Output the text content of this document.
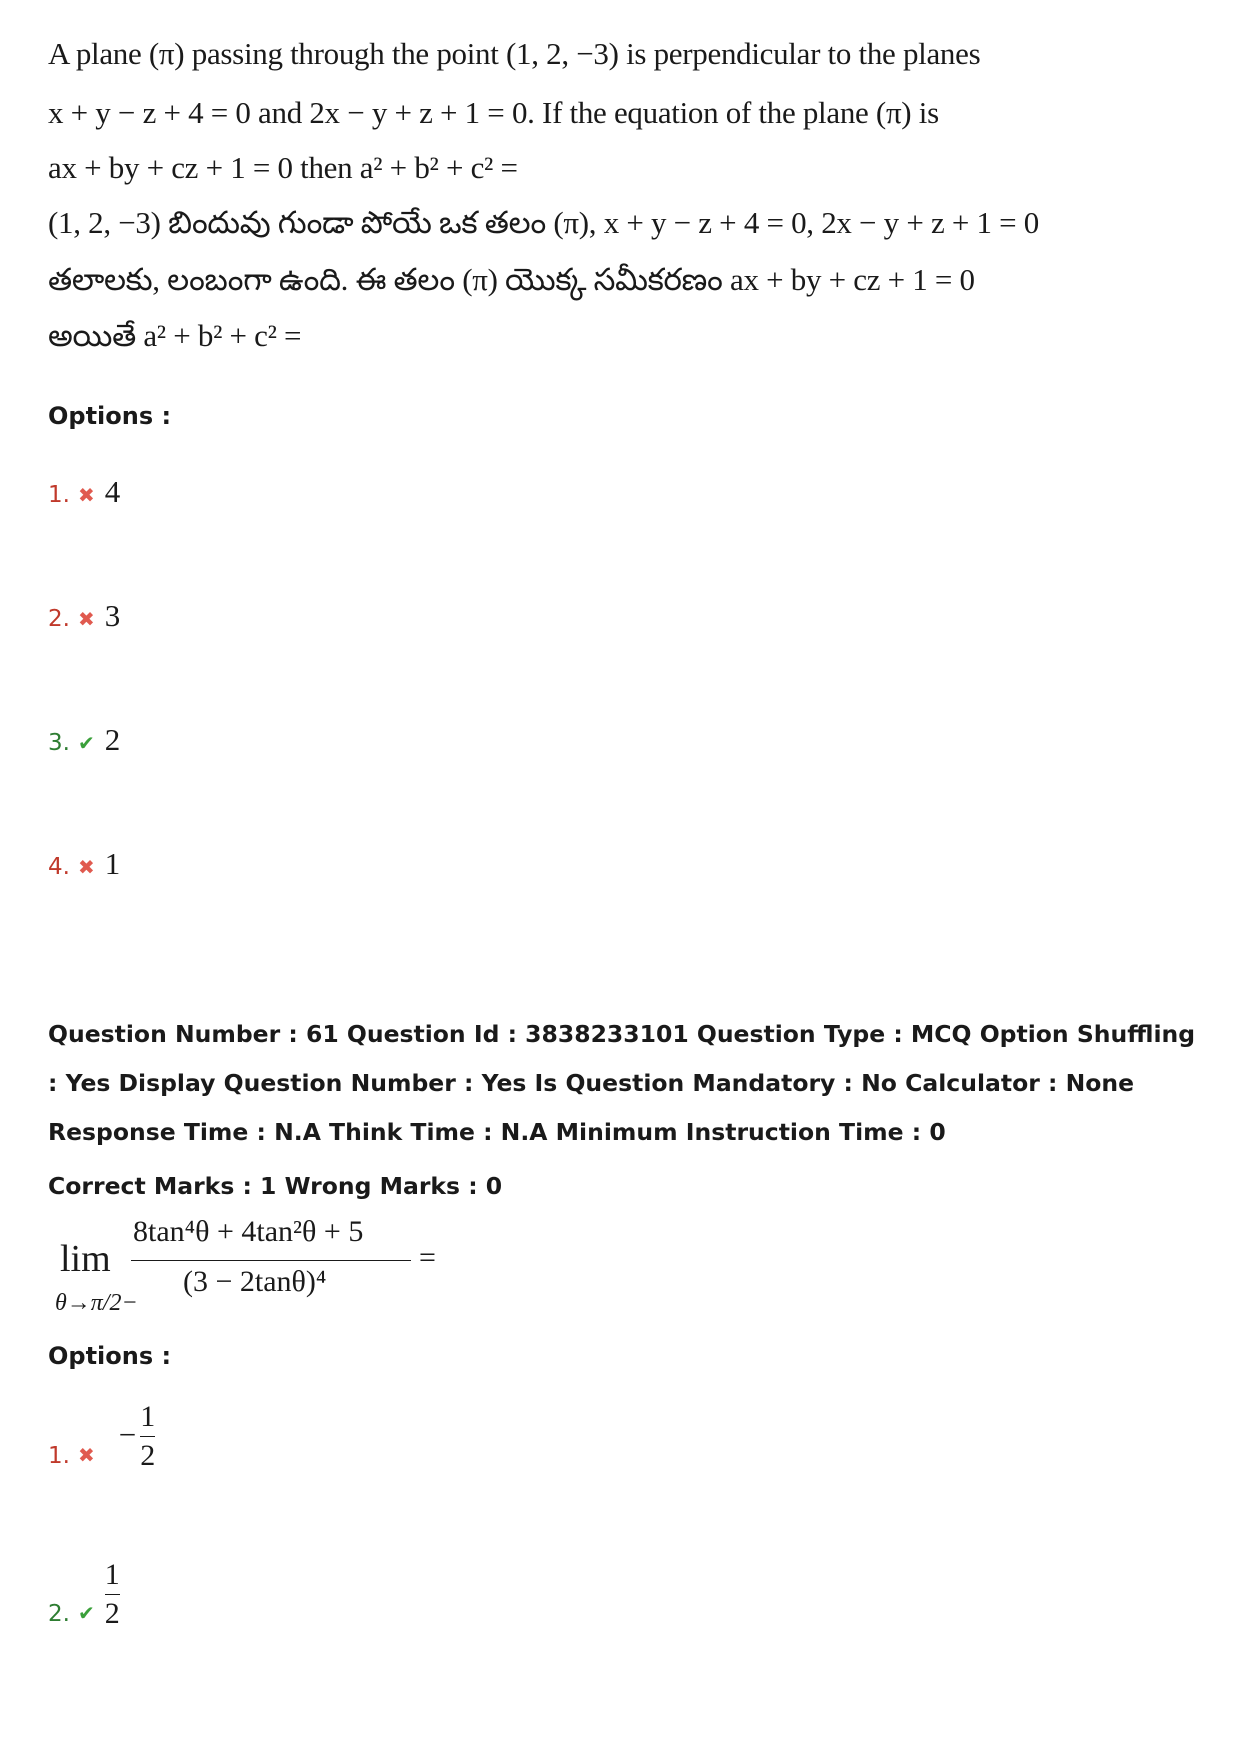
A plane (π) passing through the point (1, 2, −3) is perpendicular to the planes
x + y − z + 4 = 0 and 2x − y + z + 1 = 0. If the equation of the plane (π) is
ax + by + cz + 1 = 0 then a² + b² + c² =
(1, 2, −3) బిందువు గుండా పోయే ఒక తలం (π), x + y − z + 4 = 0, 2x − y + z + 1 = 0
తలాలకు, లంబంగా ఉంది. ఈ తలం (π) యొక్క సమీకరణం ax + by + cz + 1 = 0
అయితే a² + b² + c² =
Options :
1. ✖ 4
2. ✖ 3
3. ✔ 2
4. ✖ 1
Question Number : 61 Question Id : 3838233101 Question Type : MCQ Option Shuffling : Yes Display Question Number : Yes Is Question Mandatory : No Calculator : None Response Time : N.A Think Time : N.A Minimum Instruction Time : 0
Correct Marks : 1 Wrong Marks : 0
lim
θ→π/2−
8tan⁴θ + 4tan²θ + 5
(3 − 2tanθ)⁴
=
Options :
1. ✖
− $\frac{1}{2}$
2. ✔ $\frac{1}{2}$
